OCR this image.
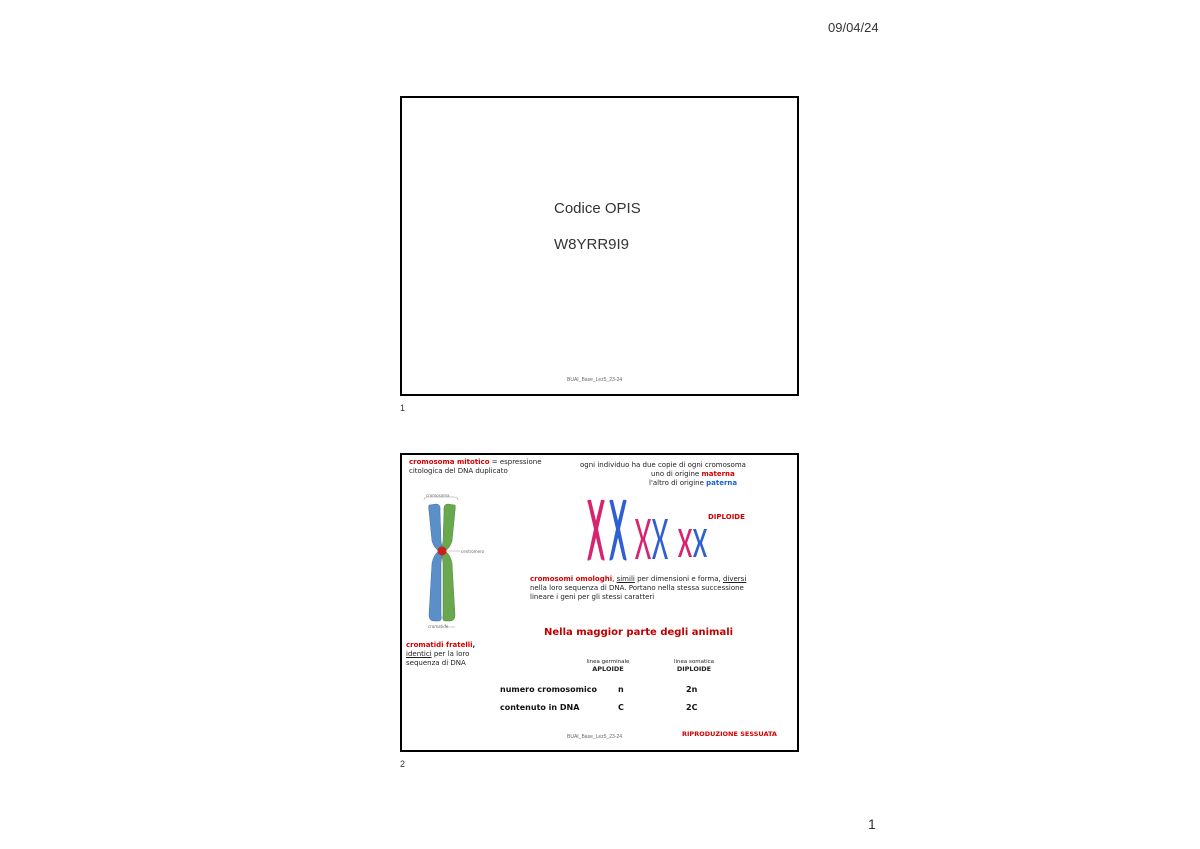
09/04/24
1
Codice OPIS
W8YRR9I9
BUAI_Base_Lez5_23-24
1
cromosoma mitotico = espressione
citologica del DNA duplicato
cromosoma
centromero
cromatide
cromatidi fratelli,
identici per la loro
sequenza di DNA
ogni individuo ha due copie di ogni cromosoma
uno di origine materna
l'altro di origine paterna
DIPLOIDE
cromosomi omologhi, simili per dimensioni e forma, diversi
nella loro sequenza di DNA. Portano nella stessa successione
lineare i geni per gli stessi caratteri
Nella maggior parte degli animali
linea germinale
APLOIDE
linea somatica
DIPLOIDE
numero cromosomico	n	2n
contenuto in DNA	C	2C
BUAI_Base_Lez5_23-24	RIPRODUZIONE SESSUATA
2
